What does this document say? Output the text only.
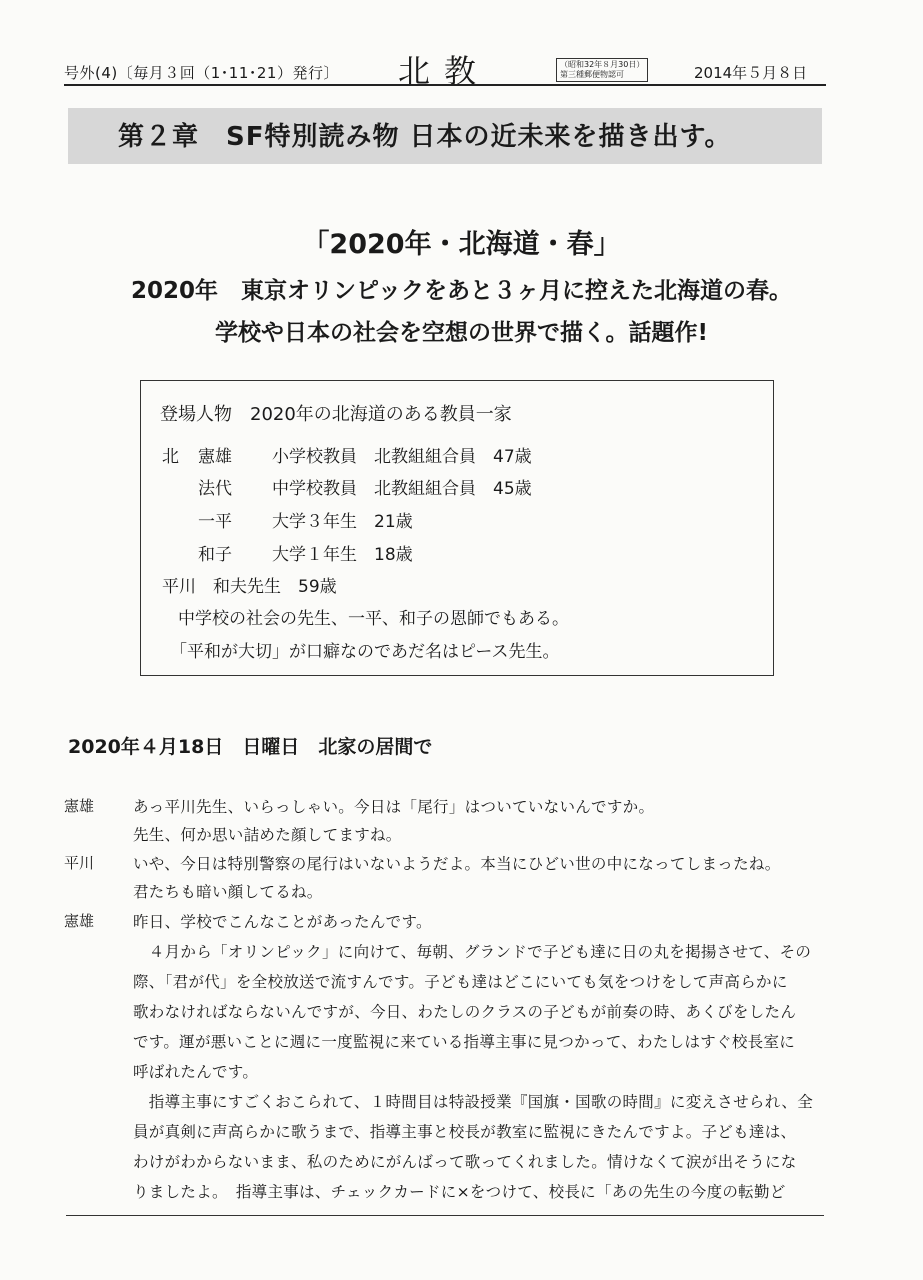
号外(4)〔毎月３回（1･11･21）発行〕 北教	（昭和32年８月30日）
第三種郵便物認可	2014年５月８日
第２章　SF特別読み物 日本の近未来を描き出す。
「2020年・北海道・春」
2020年　東京オリンピックをあと３ヶ月に控えた北海道の春。
学校や日本の社会を空想の世界で描く。話題作!
登場人物　2020年の北海道のある教員一家
北 憲雄 小学校教員　北教組組合員　47歳
法代 中学校教員　北教組組合員　45歳
一平 大学３年生　21歳
和子 大学１年生　18歳
平川　和夫先生　59歳
中学校の社会の先生、一平、和子の恩師でもある。
「平和が大切」が口癖なのであだ名はピース先生。
2020年４月18日　日曜日　北家の居間で
憲雄	あっ平川先生、いらっしゃい。今日は「尾行」はついていないんですか。
先生、何か思い詰めた顔してますね。
平川	いや、今日は特別警察の尾行はいないようだよ。本当にひどい世の中になってしまったね。
君たちも暗い顔してるね。
憲雄	昨日、学校でこんなことがあったんです。
　４月から「オリンピック」に向けて、毎朝、グランドで子ども達に日の丸を掲揚させて、その
際、「君が代」を全校放送で流すんです。子ども達はどこにいても気をつけをして声高らかに
歌わなければならないんですが、今日、わたしのクラスの子どもが前奏の時、あくびをしたん
です。運が悪いことに週に一度監視に来ている指導主事に見つかって、わたしはすぐ校長室に
呼ばれたんです。
　指導主事にすごくおこられて、１時間目は特設授業『国旗・国歌の時間』に変えさせられ、全
員が真剣に声高らかに歌うまで、指導主事と校長が教室に監視にきたんですよ。子ども達は、
わけがわからないまま、私のためにがんばって歌ってくれました。情けなくて涙が出そうにな
りましたよ。　指導主事は、チェックカードに×をつけて、校長に「あの先生の今度の転勤ど
